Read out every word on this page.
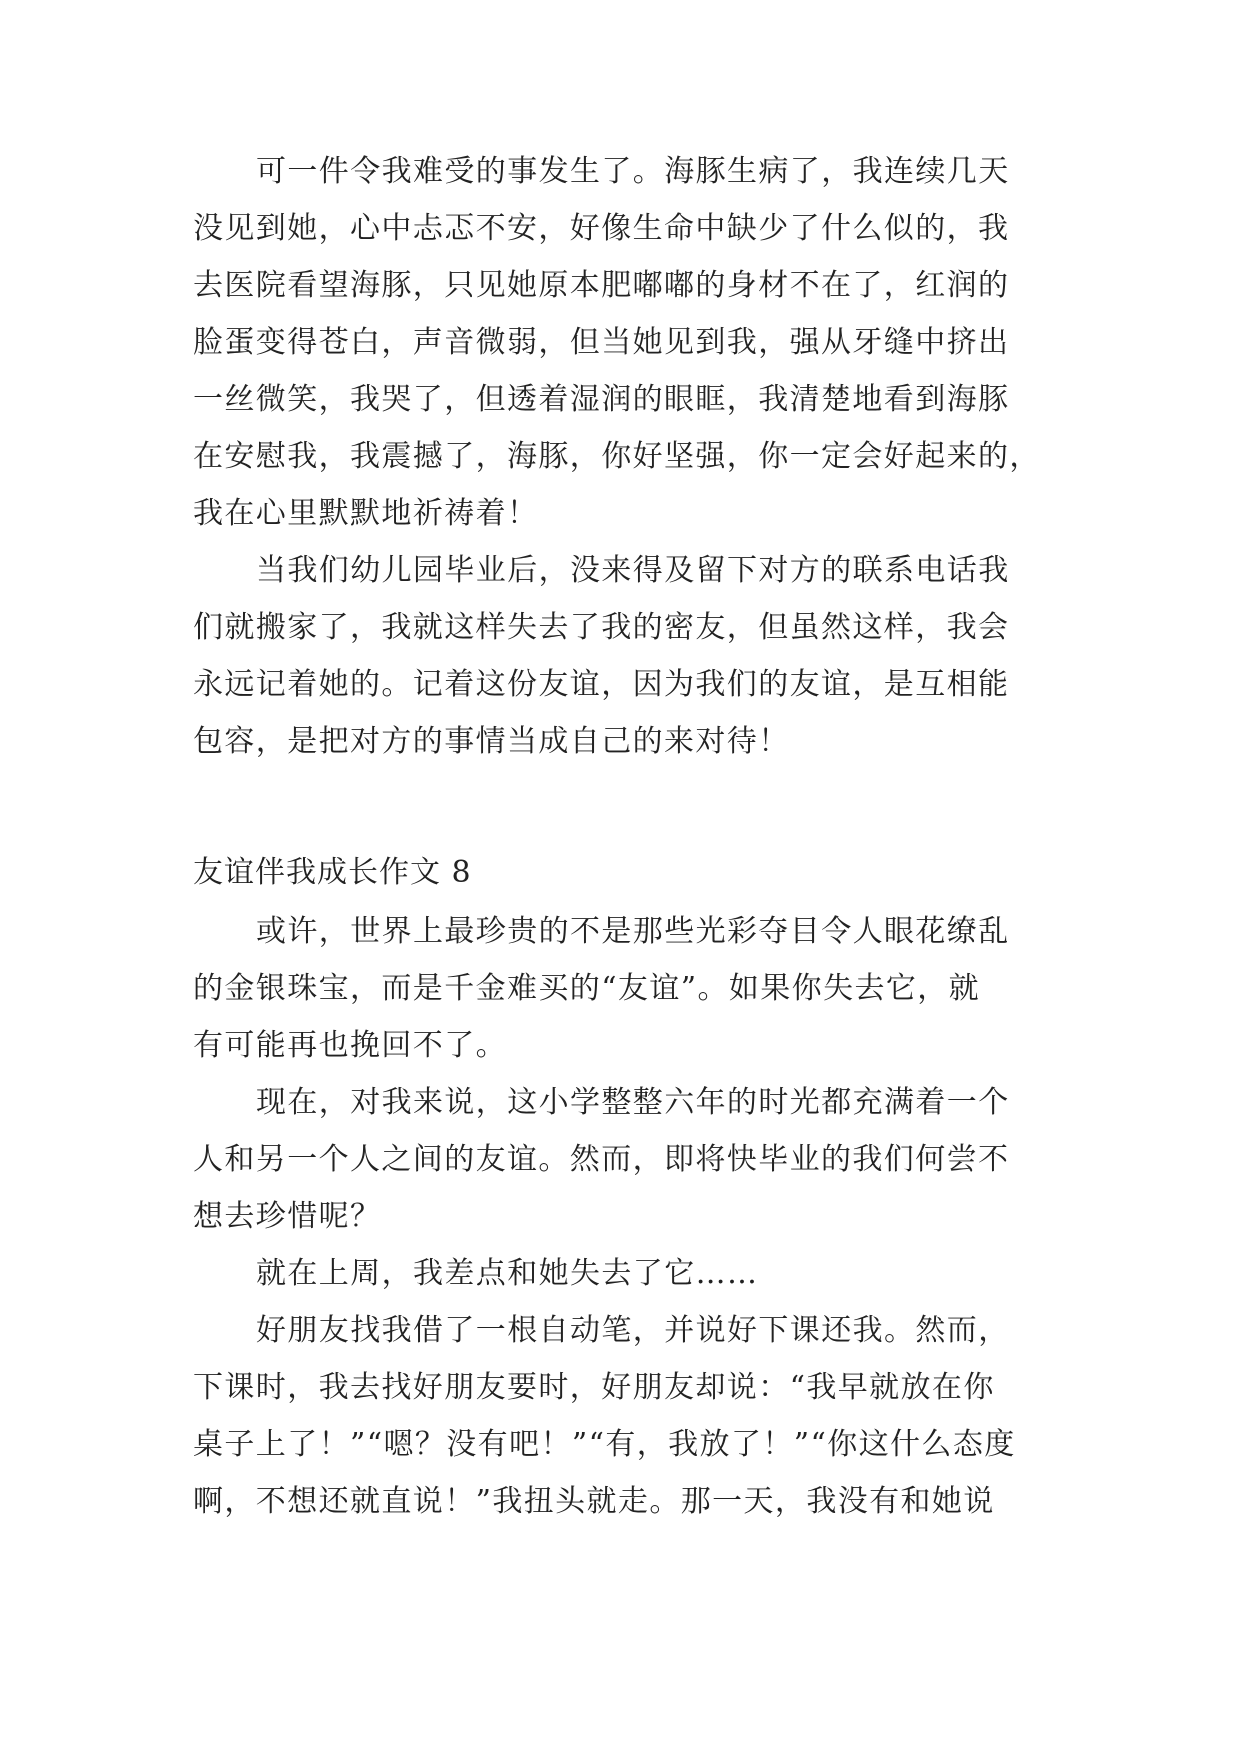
可一件令我难受的事发生了。海豚生病了，我连续几天
没见到她，心中忐忑不安，好像生命中缺少了什么似的，我
去医院看望海豚，只见她原本肥嘟嘟的身材不在了，红润的
脸蛋变得苍白，声音微弱，但当她见到我，强从牙缝中挤出
一丝微笑，我哭了，但透着湿润的眼眶，我清楚地看到海豚
在安慰我，我震撼了，海豚，你好坚强，你一定会好起来的，
我在心里默默地祈祷着！
当我们幼儿园毕业后，没来得及留下对方的联系电话我
们就搬家了，我就这样失去了我的密友，但虽然这样，我会
永远记着她的。记着这份友谊，因为我们的友谊，是互相能
包容，是把对方的事情当成自己的来对待！
友谊伴我成长作文 8
或许，世界上最珍贵的不是那些光彩夺目令人眼花缭乱
的金银珠宝，而是千金难买的“友谊”。如果你失去它，就
有可能再也挽回不了。
现在，对我来说，这小学整整六年的时光都充满着一个
人和另一个人之间的友谊。然而，即将快毕业的我们何尝不
想去珍惜呢？
就在上周，我差点和她失去了它……
好朋友找我借了一根自动笔，并说好下课还我。然而，
下课时，我去找好朋友要时，好朋友却说：“我早就放在你
桌子上了！”“嗯？没有吧！”“有，我放了！”“你这什么态度
啊，不想还就直说！”我扭头就走。那一天，我没有和她说
